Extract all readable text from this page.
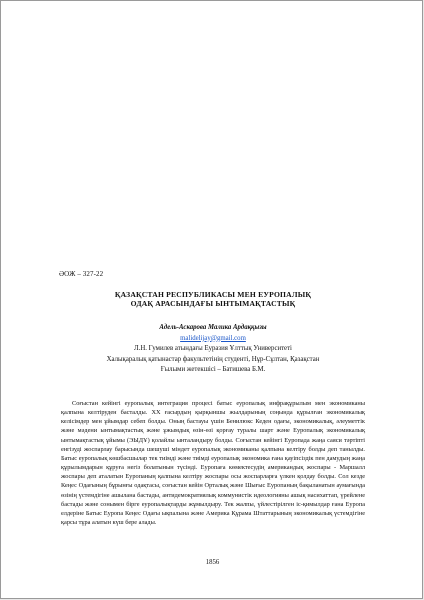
ӘОЖ – 327-22
ҚАЗАҚСТАН РЕСПУБЛИКАСЫ МЕН ЕУРОПАЛЫҚ
ОДАҚ АРАСЫНДАҒЫ ЫНТЫМАҚТАСТЫҚ
Адель-Аскарова Малика Ардаққызы
malidelijay@gmail.com
Л.Н. Гумилев атындағы Еуразия Ұлттық Университеті
Халықаралық қатынастар факультетінің студенті, Нұр-Сұлтан, Қазақстан
Ғылыми жетекшісі – Батишева Б.М.

Соғыстан кейінгі еуропалық интеграция процесі батыс еуропалық инфрақұрылым мен экономиканы қалпына келтіруден басталды. XX ғасырдың қырқыншы жылдарының соңында құрылған экономикалық келісімдер мен ұйымдар себеп болды. Оның бастауы үшін Бенилюкс Кеден одағы, экономикалық, әлеуметтік және мәдени ынтымақтастық және ұжымдық өзін-өзі қорғау туралы шарт және Еуропалық экономикалық ынтымақтастық ұйымы (ЭЫДҰ) қолайлы ынталандыру болды. Соғыстан кейінгі Еуропада жаңа саяси тәртіпті енгізуді жоспарлау барысында шешуші міндет еуропалық экономиканы қалпына келтіру болды деп танылды. Батыс еуропалық көшбасшылар тек тиімді және тиімді еуропалық экономика ғана қауіпсіздік пен дамудың жаңа құрылымдарын құруға негіз болатынын түсінді. Еуропаға көмектесудің американдық жоспары - Маршалл жоспары деп аталатын Еуропаның қалпына келтіру жоспары осы жоспарларға үлкен қолдау болды. Сол кезде Кеңес Одағының бұрынғы одақтасы, соғыстан кейін Орталық және Шығыс Еуропаның бақыланатын аумағында өзінің үстемдігіне ашылана бастады, антидемократиялық коммунистік идеологияны ашық насихаттап, үрейлене бастады және сонымен бірге еуропалықтарды жұмылдыру. Тек жалпы, үйлестірілген іс-қимылдар ғана Еуропа елдеріне Батыс Еуропа Кеңес Одағы ықпалына және Америка Құрама Штаттарының экономикалық үстемдігіне қарсы тұра алатын күш бере алады.

1856
